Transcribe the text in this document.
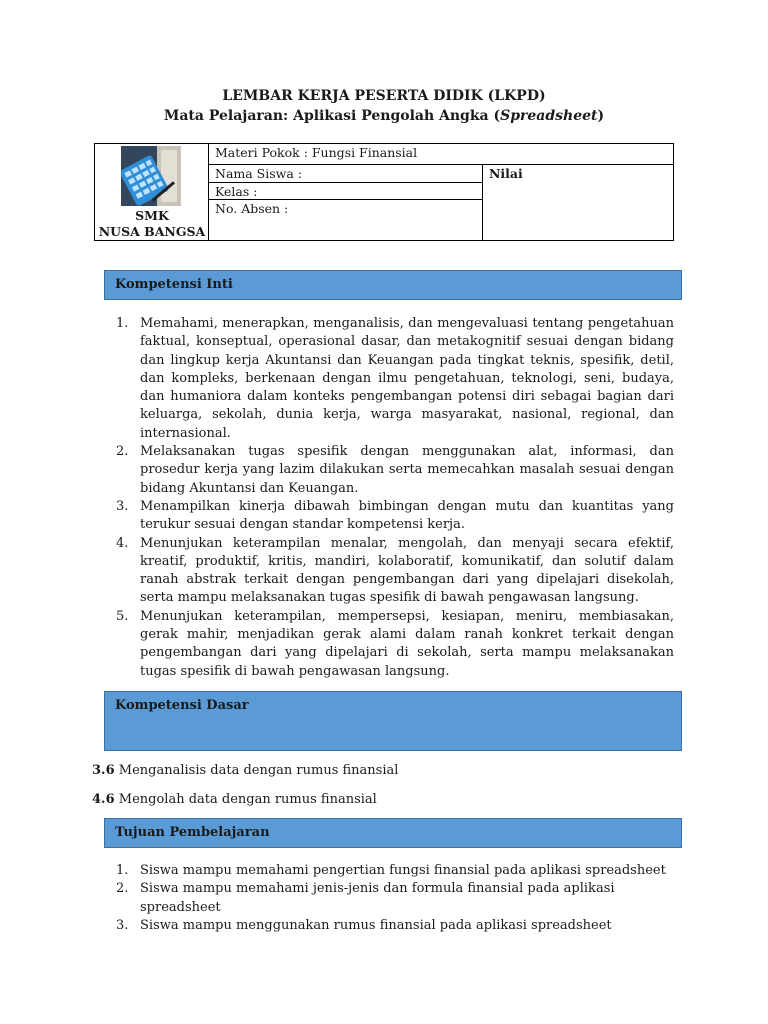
LEMBAR KERJA PESERTA DIDIK (LKPD)
Mata Pelajaran: Aplikasi Pengolah Angka (Spreadsheet)
SMK
NUSA BANGSA
Materi Pokok : Fungsi Finansial
Nama Siswa :
Kelas :
No. Absen :
Nilai
Kompetensi Inti
1. Memahami, menerapkan, menganalisis, dan mengevaluasi tentang pengetahuan faktual, konseptual, operasional dasar, dan metakognitif sesuai dengan bidang dan lingkup kerja Akuntansi dan Keuangan pada tingkat teknis, spesifik, detil, dan kompleks, berkenaan dengan ilmu pengetahuan, teknologi, seni, budaya, dan humaniora dalam konteks pengembangan potensi diri sebagai bagian dari keluarga, sekolah, dunia kerja, warga masyarakat, nasional, regional, dan internasional.
2. Melaksanakan tugas spesifik dengan menggunakan alat, informasi, dan prosedur kerja yang lazim dilakukan serta memecahkan masalah sesuai dengan bidang Akuntansi dan Keuangan.
3. Menampilkan kinerja dibawah bimbingan dengan mutu dan kuantitas yang terukur sesuai dengan standar kompetensi kerja.
4. Menunjukan keterampilan menalar, mengolah, dan menyaji secara efektif, kreatif, produktif, kritis, mandiri, kolaboratif, komunikatif, dan solutif dalam ranah abstrak terkait dengan pengembangan dari yang dipelajari disekolah, serta mampu melaksanakan tugas spesifik di bawah pengawasan langsung.
5. Menunjukan keterampilan, mempersepsi, kesiapan, meniru, membiasakan, gerak mahir, menjadikan gerak alami dalam ranah konkret terkait dengan pengembangan dari yang dipelajari di sekolah, serta mampu melaksanakan tugas spesifik di bawah pengawasan langsung.
Kompetensi Dasar
3.6 Menganalisis data dengan rumus finansial
4.6 Mengolah data dengan rumus finansial
Tujuan Pembelajaran
1. Siswa mampu memahami pengertian fungsi finansial pada aplikasi spreadsheet
2. Siswa mampu memahami jenis-jenis dan formula finansial pada aplikasi spreadsheet
3. Siswa mampu menggunakan rumus finansial pada aplikasi spreadsheet
